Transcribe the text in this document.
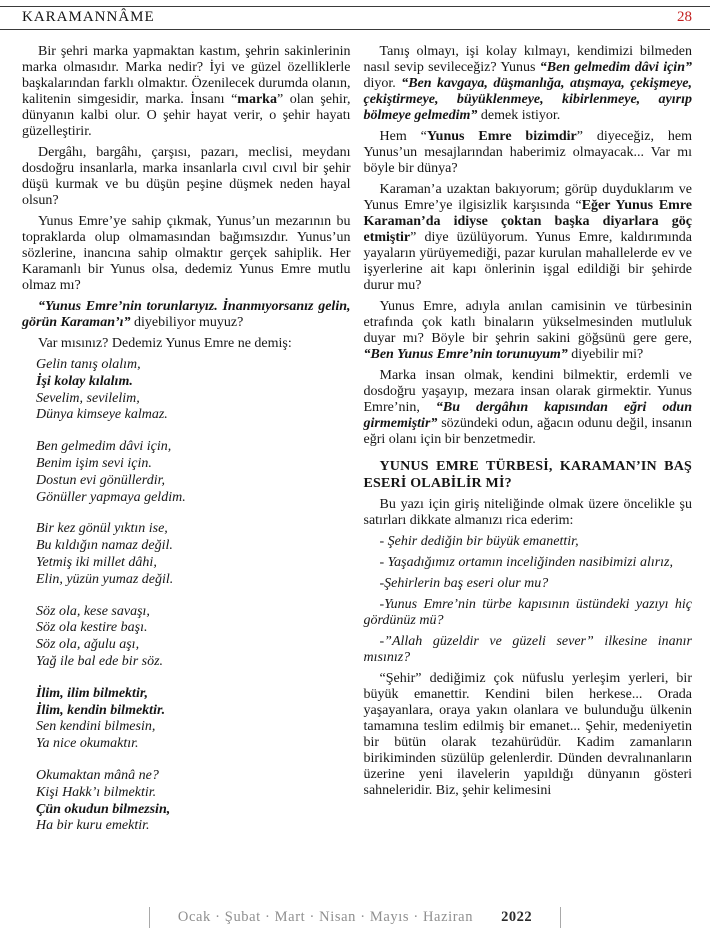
KARAMANNÂME	28
Bir şehri marka yapmaktan kastım, şehrin sakinlerinin marka olmasıdır. Marka nedir? İyi ve güzel özelliklerle başkalarından farklı olmaktır. Özenilecek durumda olanın, kalitenin simgesidir, marka. İnsanı “marka” olan şehir, dünyanın kalbi olur. O şehir hayat verir, o şehir hayatı güzelleştirir.
Dergâhı, bargâhı, çarşısı, pazarı, meclisi, meydanı dosdoğru insanlarla, marka insanlarla cıvıl cıvıl bir şehir düşü kurmak ve bu düşün peşine düşmek neden hayal olsun?
Yunus Emre’ye sahip çıkmak, Yunus’un mezarının bu topraklarda olup olmamasından bağımsızdır. Yunus’un sözlerine, inancına sahip olmaktır gerçek sahiplik. Her Karamanlı bir Yunus olsa, dedemiz Yunus Emre mutlu olmaz mı?
“Yunus Emre’nin torunlarıyız. İnanmıyorsanız gelin, görün Karaman’ı” diyebiliyor muyuz?
Var mısınız? Dedemiz Yunus Emre ne demiş:
Gelin tanış olalım,
İşi kolay kılalım.
Sevelim, sevilelim,
Dünya kimseye kalmaz.
Ben gelmedim dâvi için,
Benim işim sevi için.
Dostun evi gönüllerdir,
Gönüller yapmaya geldim.
Bir kez gönül yıktın ise,
Bu kıldığın namaz değil.
Yetmiş iki millet dâhi,
Elin, yüzün yumaz değil.
Söz ola, kese savaşı,
Söz ola kestire başı.
Söz ola, ağulu aşı,
Yağ ile bal ede bir söz.
İlim, ilim bilmektir,
İlim, kendin bilmektir.
Sen kendini bilmesin,
Ya nice okumaktır.
Okumaktan mânâ ne?
Kişi Hakk’ı bilmektir.
Çün okudun bilmezsin,
Ha bir kuru emektir.
Tanış olmayı, işi kolay kılmayı, kendimizi bilmeden nasıl sevip sevileceğiz? Yunus “Ben gelmedim dâvi için” diyor. “Ben kavgaya, düşmanlığa, atışmaya, çekişmeye, çekiştirmeye, büyüklenmeye, kibirlenmeye, ayırıp bölmeye gelmedim” demek istiyor.
Hem “Yunus Emre bizimdir” diyeceğiz, hem Yunus’un mesajlarından haberimiz olmayacak... Var mı böyle bir dünya?
Karaman’a uzaktan bakıyorum; görüp duyduklarım ve Yunus Emre’ye ilgisizlik karşısında “Eğer Yunus Emre Karaman’da idiyse çoktan başka diyarlara göç etmiştir” diye üzülüyorum. Yunus Emre, kaldırımında yayaların yürüyemediği, pazar kurulan mahallelerde ev ve işyerlerine ait kapı önlerinin işgal edildiği bir şehirde durur mu?
Yunus Emre, adıyla anılan camisinin ve türbesinin etrafında çok katlı binaların yükselmesinden mutluluk duyar mı? Böyle bir şehrin sakini göğsünü gere gere, “Ben Yunus Emre’nin torunuyum” diyebilir mi?
Marka insan olmak, kendini bilmektir, erdemli ve dosdoğru yaşayıp, mezara insan olarak girmektir. Yunus Emre’nin, “Bu dergâhın kapısından eğri odun girmemiştir” sözündeki odun, ağacın odunu değil, insanın eğri olanı için bir benzetmedir.
YUNUS EMRE TÜRBESİ, KARAMAN’IN BAŞ ESERİ OLABİLİR Mİ?
Bu yazı için giriş niteliğinde olmak üzere öncelikle şu satırları dikkate almanızı rica ederim:
- Şehir dediğin bir büyük emanettir,
- Yaşadığımız ortamın inceliğinden nasibimizi alırız,
-Şehirlerin baş eseri olur mu?
-Yunus Emre’nin türbe kapısının üstündeki yazıyı hiç gördünüz mü?
-”Allah güzeldir ve güzeli sever” ilkesine inanır mısınız?
“Şehir” dediğimiz çok nüfuslu yerleşim yerleri, bir büyük emanettir. Kendini bilen herkese... Orada yaşayanlara, oraya yakın olanlara ve bulunduğu ülkenin tamamına teslim edilmiş bir emanet... Şehir, medeniyetin bir bütün olarak tezahürüdür. Kadim zamanların birikiminden süzülüp gelenlerdir. Dünden devralınanların üzerine yeni ilavelerin yapıldığı dünyanın gösteri sahneleridir. Biz, şehir kelimesini
Ocak · Şubat · Mart · Nisan · Mayıs · Haziran 2022
